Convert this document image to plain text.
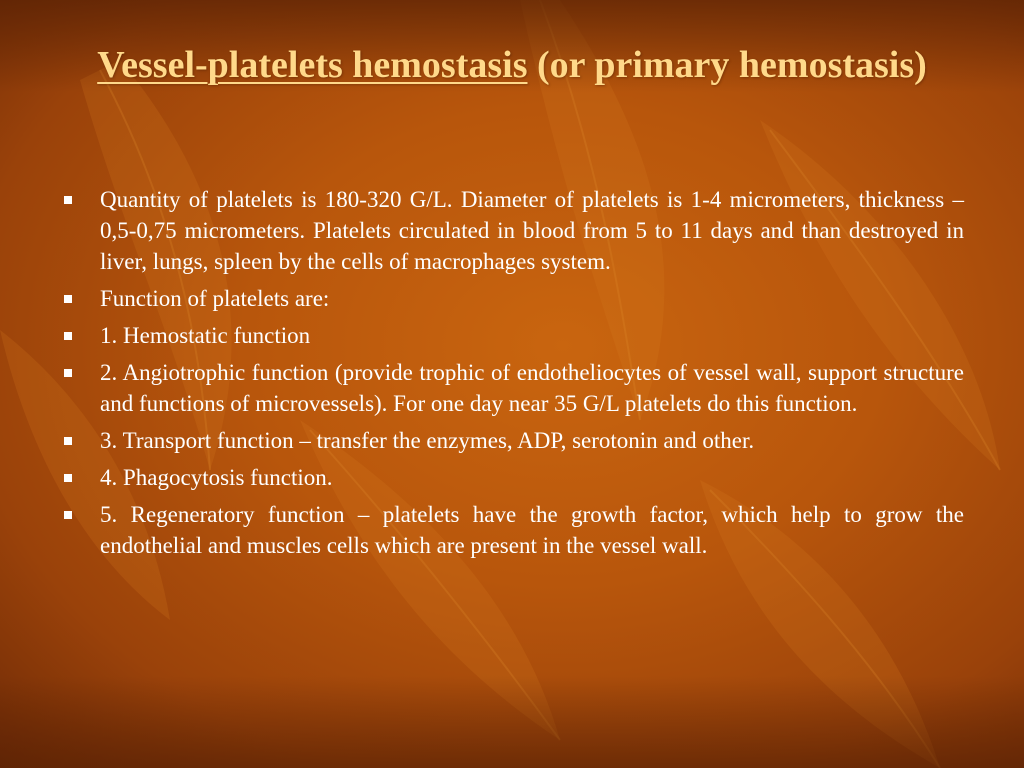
Vessel-platelets hemostasis (or primary hemostasis)
Quantity of platelets is 180-320 G/L. Diameter of platelets is 1-4 micrometers, thickness – 0,5-0,75 micrometers. Platelets circulated in blood from 5 to 11 days and than destroyed in liver, lungs, spleen by the cells of macrophages system.
Function of platelets are:
1. Hemostatic function
2. Angiotrophic function (provide trophic of endotheliocytes of vessel wall, support structure and functions of microvessels). For one day near 35 G/L platelets do this function.
3. Transport function – transfer the enzymes, ADP, serotonin and other.
4. Phagocytosis function.
5. Regeneratory function – platelets have the growth factor, which help to grow the endothelial and muscles cells which are present in the vessel wall.
